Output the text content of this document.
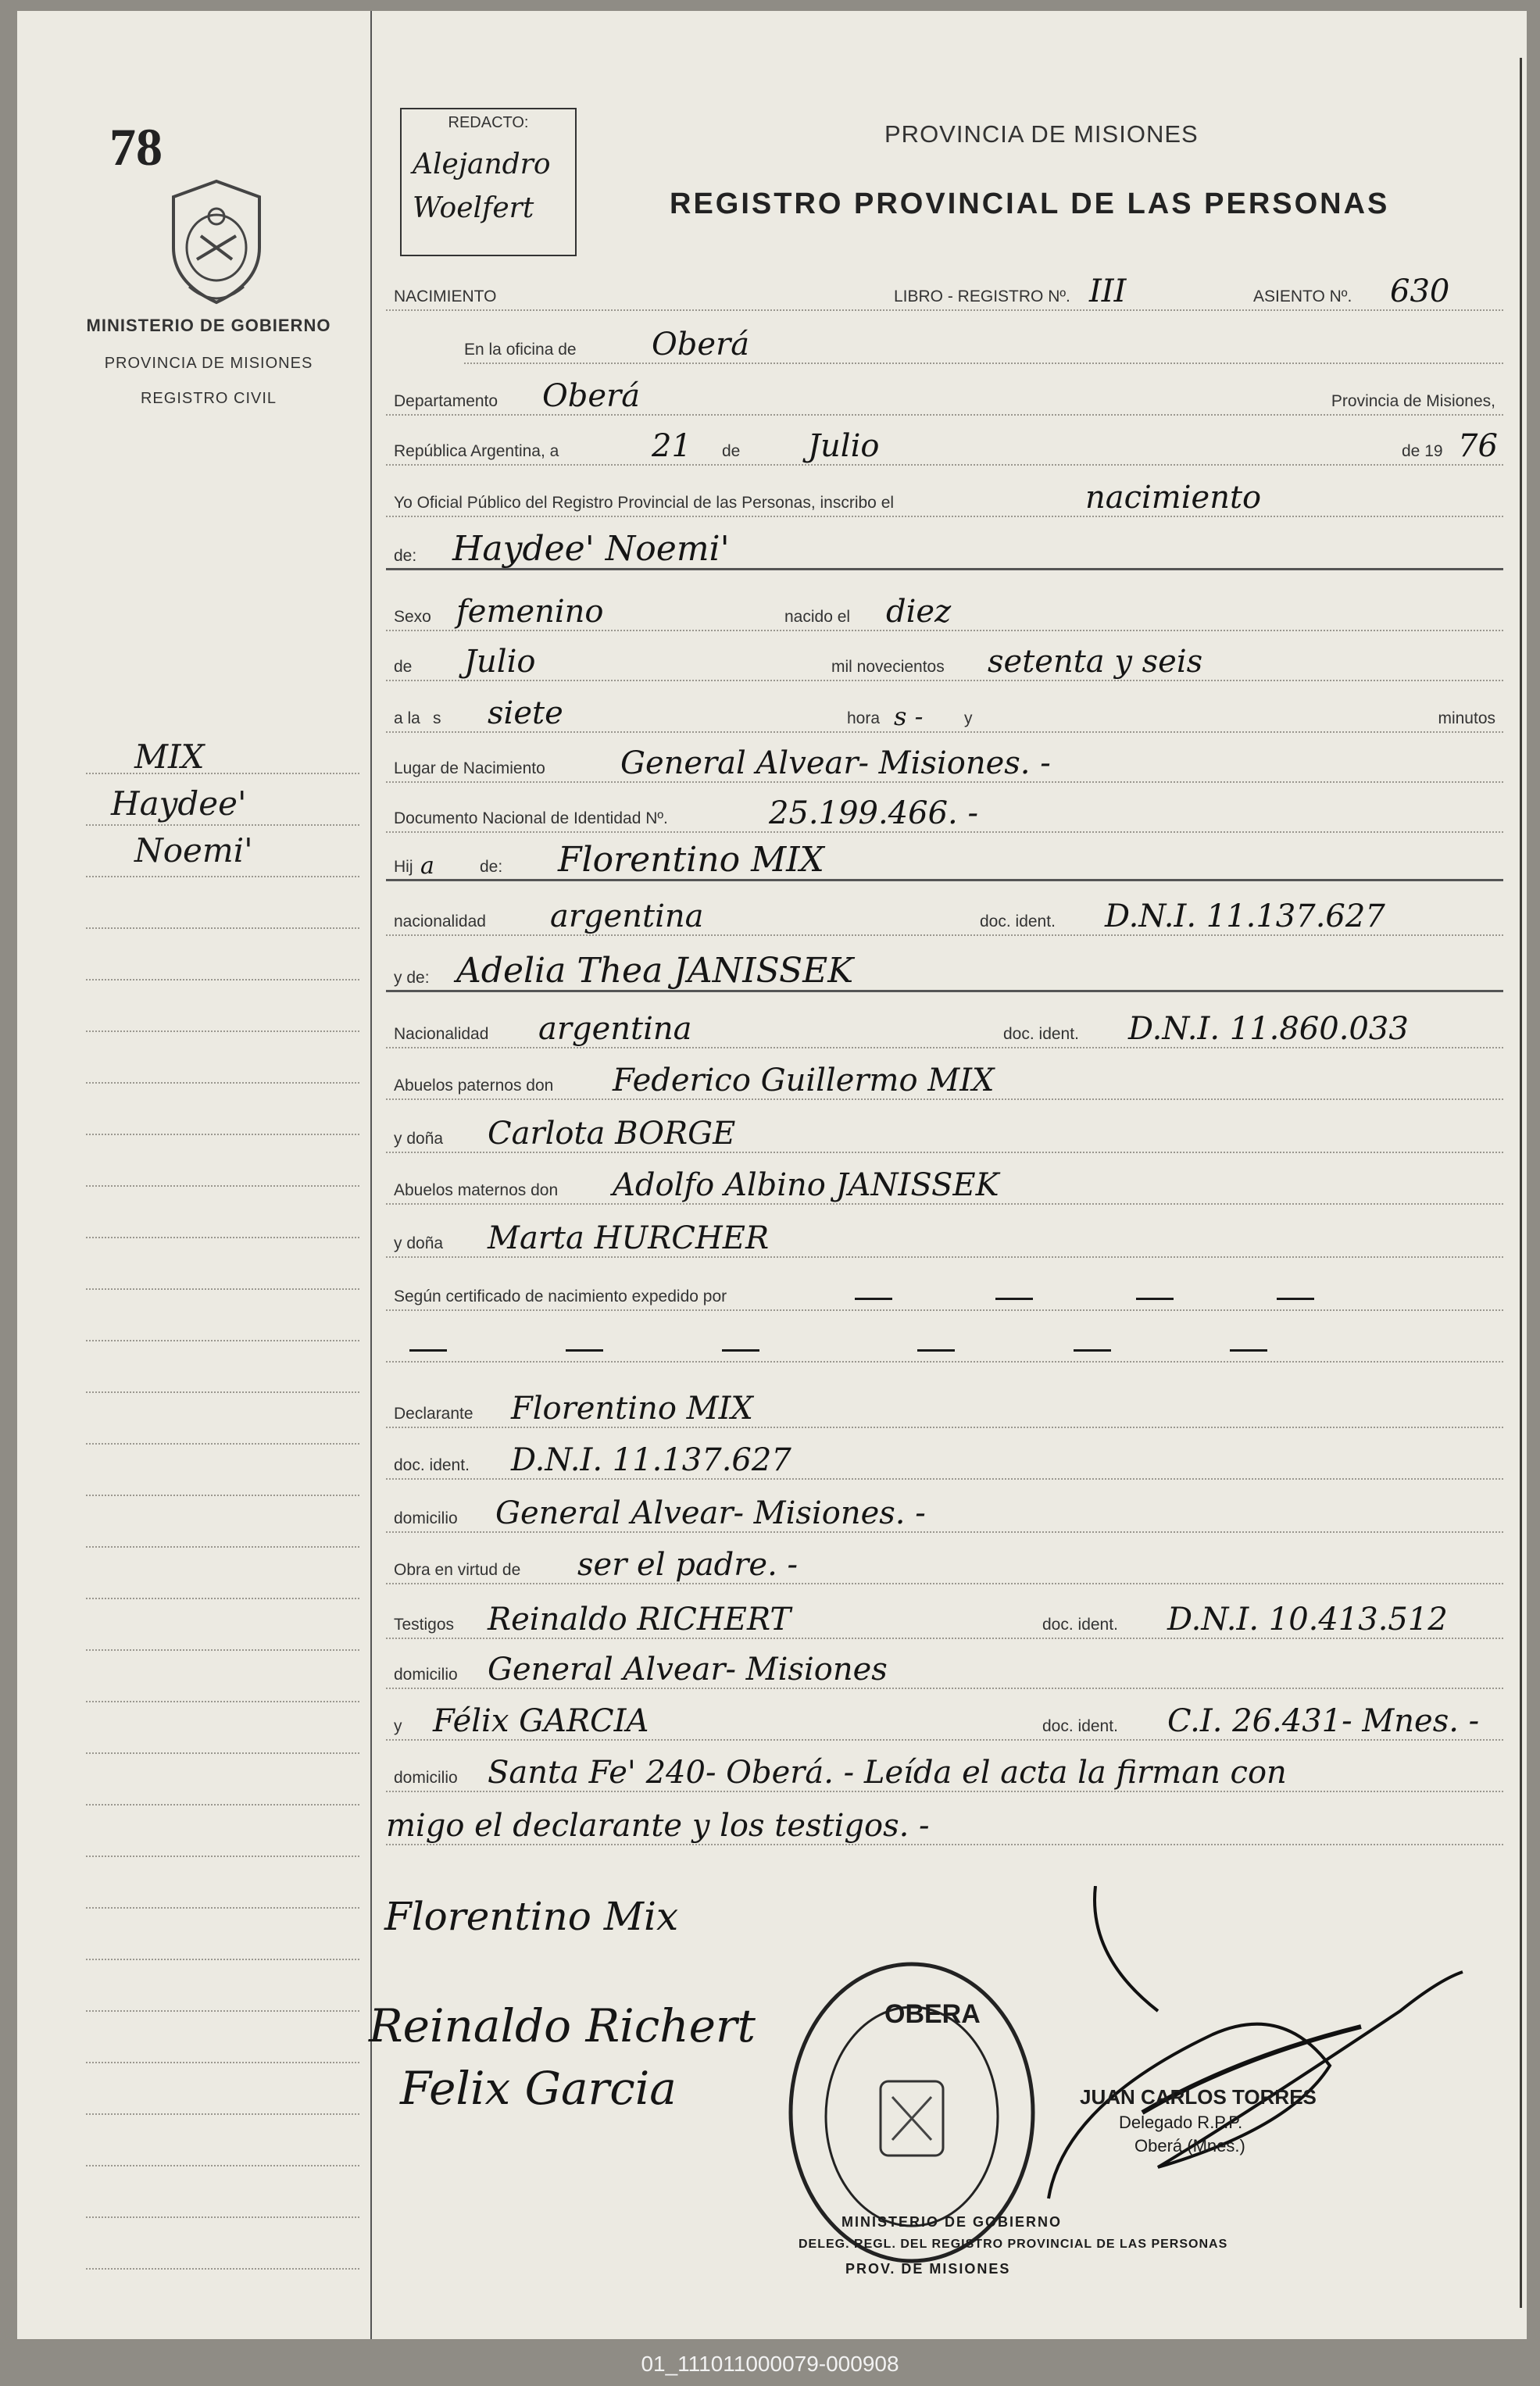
78
MINISTERIO DE GOBIERNO
PROVINCIA DE MISIONES
REGISTRO CIVIL
MIX
Haydee'
Noemi'
REDACTO:
Alejandro
Woelfert
PROVINCIA DE MISIONES
REGISTRO PROVINCIAL DE LAS PERSONAS
NACIMIENTO	LIBRO - REGISTRO Nº. III	ASIENTO Nº. 630
En la oficina de Oberá
Departamento Oberá	Provincia de Misiones,
República Argentina, a	21 de Julio	de 19 76
Yo Oficial Público del Registro Provincial de las Personas, inscribo el	nacimiento
de: Haydee' Noemi'
Sexo femenino	nacido el diez
de Julio	mil novecientos setenta y seis
a la s siete	hora s -	y	minutos
Lugar de Nacimiento General Alvear- Misiones. -
Documento Nacional de Identidad Nº.	25.199.466. -
Hij a	de: Florentino MIX
nacionalidad argentina	doc. ident. D.N.I. 11.137.627
y de: Adelia Thea JANISSEK
Nacionalidad argentina	doc. ident. D.N.I. 11.860.033
Abuelos paternos don Federico Guillermo MIX
y doña Carlota BORGE
Abuelos maternos don Adolfo Albino JANISSEK
y doña Marta HURCHER
Según certificado de nacimiento expedido por
Declarante Florentino MIX
doc. ident. D.N.I. 11.137.627
domicilio General Alvear- Misiones. -
Obra en virtud de ser el padre. -
Testigos Reinaldo RICHERT	doc. ident. D.N.I. 10.413.512
domicilio General Alvear- Misiones
y Félix GARCIA	doc. ident. C.I. 26.431- Mnes. -
domicilio Santa Fe' 240- Oberá. - Leída el acta la firman con
migo el declarante y los testigos. -
Florentino Mix
Reinaldo Richert
Felix Garcia
OBERA
DELEG. REGL. DEL REGISTRO PROVINCIAL DE LAS PERSONAS
MINISTERIO DE GOBIERNO
PROV. DE MISIONES
JUAN CARLOS TORRES
Delegado R.P.P.
Oberá (Mnes.)
01_111011000079-000908
